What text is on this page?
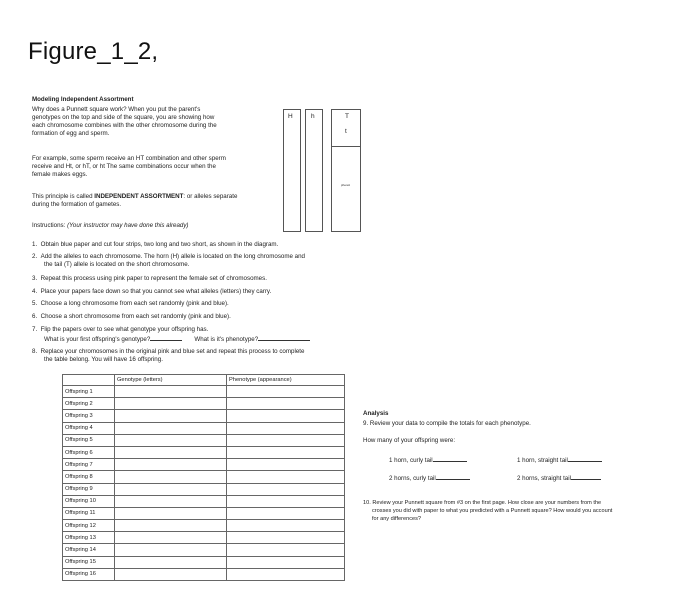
Figure_1_2,
Modeling Independent Assortment
Why does a Punnett square work? When you put the parent's
genotypes on the top and side of the square, you are showing how
each chromosome combines with the other chromosome during the
formation of egg and sperm.
For example, some sperm receive an HT combination and other sperm
receive and Ht, or hT, or ht The same combinations occur when the
female makes eggs.
This principle is called INDEPENDENT ASSORTMENT: or alleles separate
during the formation of gametes.
Instructions: (Your instructor may have done this already)
H	h	T
t
phenol
1. Obtain blue paper and cut four strips, two long and two short, as shown in the diagram.
2. Add the alleles to each chromosome. The horn (H) allele is located on the long chromosome and
the tail (T) allele is located on the short chromosome.
3. Repeat this process using pink paper to represent the female set of chromosomes.
4. Place your papers face down so that you cannot see what alleles (letters) they carry.
5. Choose a long chromosome from each set randomly (pink and blue).
6. Choose a short chromosome from each set randomly (pink and blue).
7. Flip the papers over to see what genotype your offspring has.
What is your first offspring's genotype?	What is it's phenotype?
8. Replace your chromosomes in the original pink and blue set and repeat this process to complete
the table belong. You will have 16 offspring.
	Genotype (letters)	Phenotype (appearance)
Offspring 1		
Offspring 2		
Offspring 3		
Offspring 4		
Offspring 5		
Offspring 6		
Offspring 7		
Offspring 8		
Offspring 9		
Offspring 10		
Offspring 11		
Offspring 12		
Offspring 13		
Offspring 14		
Offspring 15		
Offspring 16		
Analysis
9. Review your data to compile the totals for each phenotype.
How many of your offspring were:
1 horn, curly tail	1 horn, straight tail
2 horns, curly tail	2 horns, straight tail
10. Review your Punnett square from #3 on the first page. How close are your numbers from the
crosses you did with paper to what you predicted with a Punnett square? How would you account
for any differences?
